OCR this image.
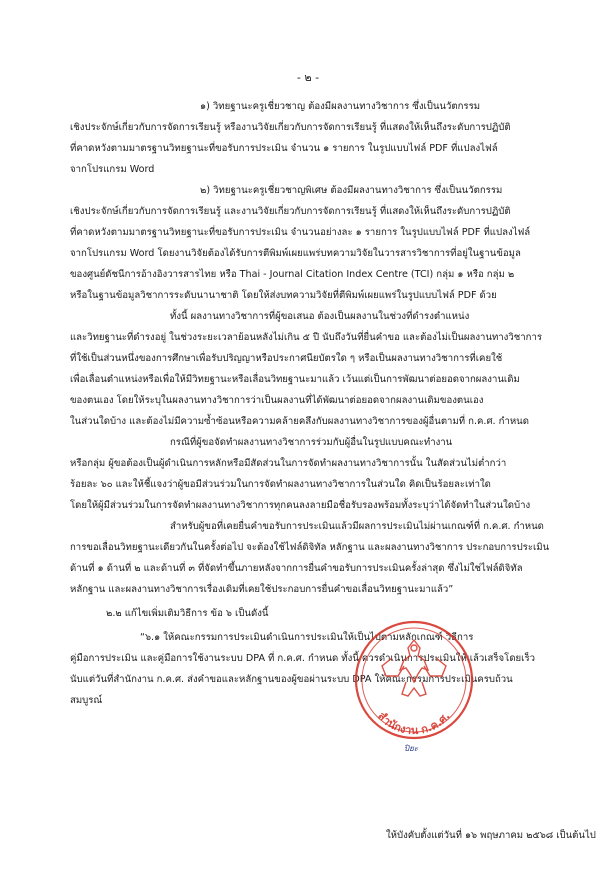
- ๒ -
๑) วิทยฐานะครูเชี่ยวชาญ ต้องมีผลงานทางวิชาการ ซึ่งเป็นนวัตกรรม
เชิงประจักษ์เกี่ยวกับการจัดการเรียนรู้ หรืองานวิจัยเกี่ยวกับการจัดการเรียนรู้ ที่แสดงให้เห็นถึงระดับการปฏิบัติ
ที่คาดหวังตามมาตรฐานวิทยฐานะที่ขอรับการประเมิน จำนวน ๑ รายการ ในรูปแบบไฟล์ PDF ที่แปลงไฟล์
จากโปรแกรม Word
๒) วิทยฐานะครูเชี่ยวชาญพิเศษ ต้องมีผลงานทางวิชาการ ซึ่งเป็นนวัตกรรม
เชิงประจักษ์เกี่ยวกับการจัดการเรียนรู้ และงานวิจัยเกี่ยวกับการจัดการเรียนรู้ ที่แสดงให้เห็นถึงระดับการปฏิบัติ
ที่คาดหวังตามมาตรฐานวิทยฐานะที่ขอรับการประเมิน จำนวนอย่างละ ๑ รายการ ในรูปแบบไฟล์ PDF ที่แปลงไฟล์
จากโปรแกรม Word โดยงานวิจัยต้องได้รับการตีพิมพ์เผยแพร่บทความวิจัยในวารสารวิชาการที่อยู่ในฐานข้อมูล
ของศูนย์ดัชนีการอ้างอิงวารสารไทย หรือ Thai - Journal Citation Index Centre (TCI) กลุ่ม ๑ หรือ กลุ่ม ๒
หรือในฐานข้อมูลวิชาการระดับนานาชาติ โดยให้ส่งบทความวิจัยที่ตีพิมพ์เผยแพร่ในรูปแบบไฟล์ PDF ด้วย
ทั้งนี้ ผลงานทางวิชาการที่ผู้ขอเสนอ ต้องเป็นผลงานในช่วงที่ดำรงตำแหน่ง
และวิทยฐานะที่ดำรงอยู่ ในช่วงระยะเวลาย้อนหลังไม่เกิน ๕ ปี นับถึงวันที่ยื่นคำขอ และต้องไม่เป็นผลงานทางวิชาการ
ที่ใช้เป็นส่วนหนึ่งของการศึกษาเพื่อรับปริญญาหรือประกาศนียบัตรใด ๆ หรือเป็นผลงานทางวิชาการที่เคยใช้
เพื่อเลื่อนตำแหน่งหรือเพื่อให้มีวิทยฐานะหรือเลื่อนวิทยฐานะมาแล้ว เว้นแต่เป็นการพัฒนาต่อยอดจากผลงานเดิม
ของตนเอง โดยให้ระบุในผลงานทางวิชาการว่าเป็นผลงานที่ได้พัฒนาต่อยอดจากผลงานเดิมของตนเอง
ในส่วนใดบ้าง และต้องไม่มีความซ้ำซ้อนหรือความคล้ายคลึงกับผลงานทางวิชาการของผู้อื่นตามที่ ก.ค.ศ. กำหนด
กรณีที่ผู้ขอจัดทำผลงานทางวิชาการร่วมกับผู้อื่นในรูปแบบคณะทำงาน
หรือกลุ่ม ผู้ขอต้องเป็นผู้ดำเนินการหลักหรือมีสัดส่วนในการจัดทำผลงานทางวิชาการนั้น ในสัดส่วนไม่ต่ำกว่า
ร้อยละ ๖๐ และให้ชี้แจงว่าผู้ขอมีส่วนร่วมในการจัดทำผลงานทางวิชาการในส่วนใด คิดเป็นร้อยละเท่าใด
โดยให้ผู้มีส่วนร่วมในการจัดทำผลงานทางวิชาการทุกคนลงลายมือชื่อรับรองพร้อมทั้งระบุว่าได้จัดทำในส่วนใดบ้าง
สำหรับผู้ขอที่เคยยื่นคำขอรับการประเมินแล้วมีผลการประเมินไม่ผ่านเกณฑ์ที่ ก.ค.ศ. กำหนด
การขอเลื่อนวิทยฐานะเดียวกันในครั้งต่อไป จะต้องใช้ไฟล์ดิจิทัล หลักฐาน และผลงานทางวิชาการ ประกอบการประเมิน
ด้านที่ ๑ ด้านที่ ๒ และด้านที่ ๓ ที่จัดทำขึ้นภายหลังจากการยื่นคำขอรับการประเมินครั้งล่าสุด ซึ่งไม่ใช่ไฟล์ดิจิทัล
หลักฐาน และผลงานทางวิชาการเรื่องเดิมที่เคยใช้ประกอบการยื่นคำขอเลื่อนวิทยฐานะมาแล้ว”
๒.๒ แก้ไขเพิ่มเติมวิธีการ ข้อ ๖ เป็นดังนี้
“๖.๑ ให้คณะกรรมการประเมินดำเนินการประเมินให้เป็นไปตามหลักเกณฑ์ วิธีการ
คู่มือการประเมิน และคู่มือการใช้งานระบบ DPA ที่ ก.ค.ศ. กำหนด ทั้งนี้ ควรดำเนินการประเมินให้แล้วเสร็จโดยเร็ว
นับแต่วันที่สำนักงาน ก.ค.ศ. ส่งคำขอและหลักฐานของผู้ขอผ่านระบบ DPA ให้คณะกรรมการประเมินครบถ้วน
สมบูรณ์
สำนักงาน ก.ค.ศ.
ปิยะ
ให้บังคับตั้งแต่วันที่ ๑๖ พฤษภาคม ๒๕๖๘ เป็นต้นไป
